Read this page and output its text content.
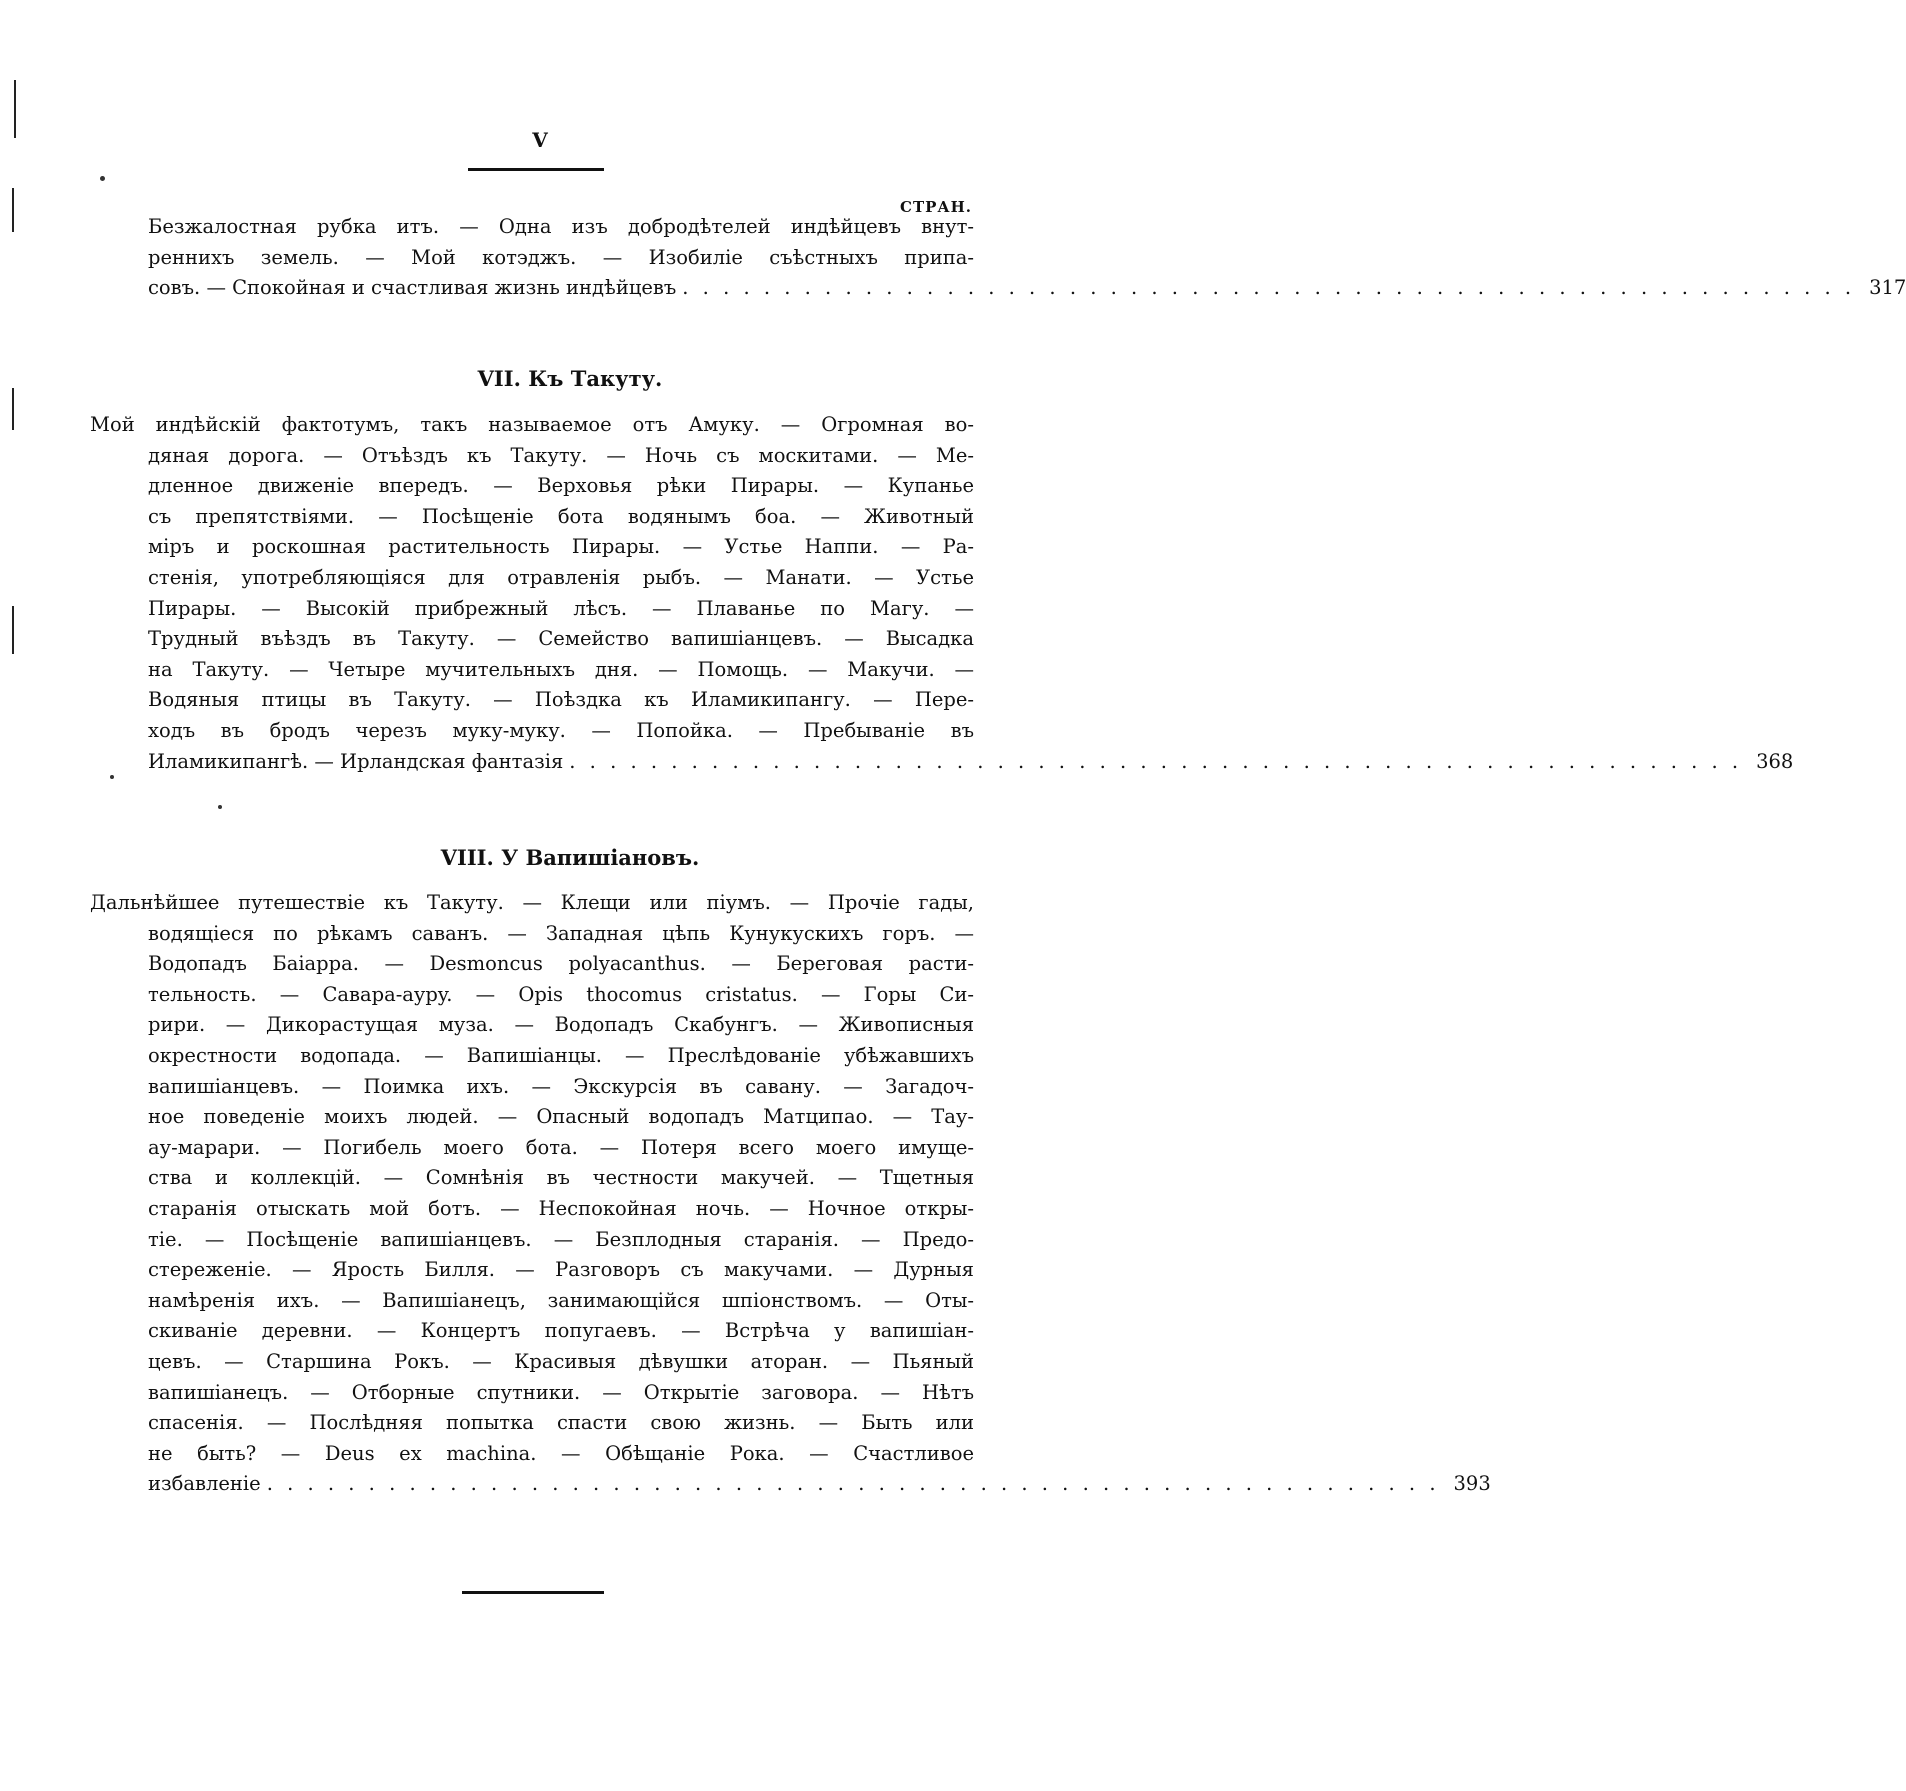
V
СТРАН.
Безжалостная рубка итъ. — Одна изъ добродѣтелей индѣйцевъ внут-
реннихъ земель. — Мой котэджъ. — Изобиліе съѣстныхъ припа-
совъ. — Спокойная и счастливая жизнь индѣйцевъ . . . . . . . . . . . . . . . . . . . . . . . . . . . . . . . . . . . . . . . . . . . . . . . . . . . . . . . . . . 317
VII. Къ Такуту.
Мой индѣйскій фактотумъ, такъ называемое отъ Амуку. — Огромная во-
дяная дорога. — Отъѣздъ къ Такуту. — Ночь съ москитами. — Ме-
дленное движеніе впередъ. — Верховья рѣки Пирары. — Купанье
съ препятствіями. — Посѣщеніе бота водянымъ боа. — Животный
міръ и роскошная растительность Пирары. — Устье Наппи. — Ра-
стенія, употребляющіяся для отравленія рыбъ. — Манати. — Устье
Пирары. — Высокій прибрежный лѣсъ. — Плаванье по Магу. —
Трудный въѣздъ въ Такуту. — Семейство вапишіанцевъ. — Высадка
на Такуту. — Четыре мучительныхъ дня. — Помощь. — Макучи. —
Водяныя птицы въ Такуту. — Поѣздка къ Иламикипангу. — Пере-
ходъ въ бродъ черезъ муку-муку. — Попойка. — Пребываніе въ
Иламикипангѣ. — Ирландская фантазія . . . . . . . . . . . . . . . . . . . . . . . . . . . . . . . . . . . . . . . . . . . . . . . . . . . . . . . . . . 368
VIII. У Вапишіановъ.
Дальнѣйшее путешествіе къ Такуту. — Клещи или піумъ. — Прочіе гады,
водящіеся по рѣкамъ саванъ. — Западная цѣпь Кунукускихъ горъ. —
Водопадъ Баіарра. — Desmoncus polyacanthus. — Береговая расти-
тельность. — Савара-аурy. — Opis thocomus cristatus. — Горы Си-
рири. — Дикорастущая муза. — Водопадъ Скабунгъ. — Живописныя
окрестности водопада. — Вапишіанцы. — Преслѣдованіе убѣжавшихъ
вапишіанцевъ. — Поимка ихъ. — Экскурсія въ савану. — Загадоч-
ное поведеніе моихъ людей. — Опасный водопадъ Матципао. — Тау-
ау-марари. — Погибель моего бота. — Потеря всего моего имуще-
ства и коллекцій. — Сомнѣнія въ честности макучей. — Тщетныя
старанія отыскать мой ботъ. — Неспокойная ночь. — Ночное откры-
тіе. — Посѣщеніе вапишіанцевъ. — Безплодныя старанія. — Предо-
стереженіе. — Ярость Билля. — Разговоръ съ макучами. — Дурныя
намѣренія ихъ. — Вапишіанецъ, занимающійся шпіонствомъ. — Оты-
скиваніе деревни. — Концертъ попугаевъ. — Встрѣча у вапишіан-
цевъ. — Старшина Рокъ. — Красивыя дѣвушки аторан. — Пьяный
вапишіанецъ. — Отборные спутники. — Открытіе заговора. — Нѣтъ
спасенія. — Послѣдняя попытка спасти свою жизнь. — Быть или
не быть? — Deus ex machina. — Обѣщаніе Рока. — Счастливое
избавленіе . . . . . . . . . . . . . . . . . . . . . . . . . . . . . . . . . . . . . . . . . . . . . . . . . . . . . . . . . . 393
